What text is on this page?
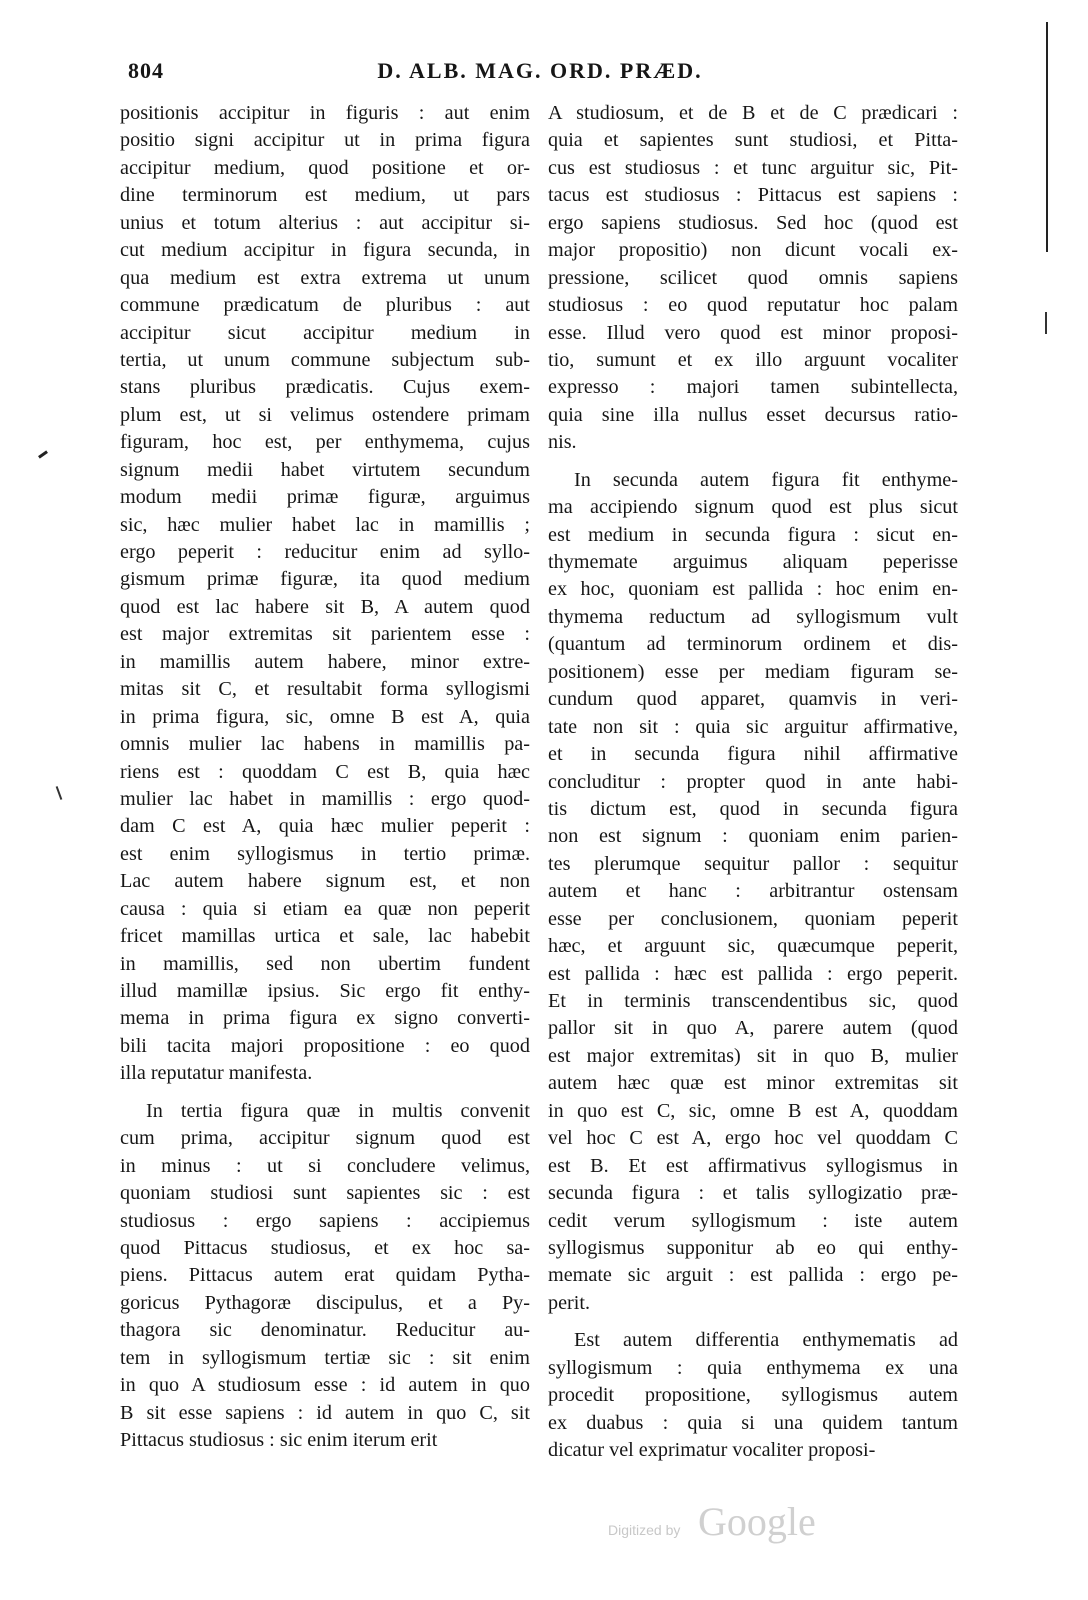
804	D. ALB. MAG. ORD. PRÆD.
positionis accipitur in figuris : aut enim
positio signi accipitur ut in prima figura
accipitur medium, quod positione et or-
dine terminorum est medium, ut pars
unius et totum alterius : aut accipitur si-
cut medium accipitur in figura secunda, in
qua medium est extra extrema ut unum
commune prædicatum de pluribus : aut
accipitur sicut accipitur medium in
tertia, ut unum commune subjectum sub-
stans pluribus prædicatis. Cujus exem-
plum est, ut si velimus ostendere primam
figuram, hoc est, per enthymema, cujus
signum medii habet virtutem secundum
modum medii primæ figuræ, arguimus
sic, hæc mulier habet lac in mamillis ;
ergo peperit : reducitur enim ad syllo-
gismum primæ figuræ, ita quod medium
quod est lac habere sit B, A autem quod
est major extremitas sit parientem esse :
in mamillis autem habere, minor extre-
mitas sit C, et resultabit forma syllogismi
in prima figura, sic, omne B est A, quia
omnis mulier lac habens in mamillis pa-
riens est : quoddam C est B, quia hæc
mulier lac habet in mamillis : ergo quod-
dam C est A, quia hæc mulier peperit :
est enim syllogismus in tertio primæ.
Lac autem habere signum est, et non
causa : quia si etiam ea quæ non peperit
fricet mamillas urtica et sale, lac habebit
in mamillis, sed non ubertim fundent
illud mamillæ ipsius. Sic ergo fit enthy-
mema in prima figura ex signo converti-
bili tacita majori propositione : eo quod
illa reputatur manifesta.
In tertia figura quæ in multis convenit
cum prima, accipitur signum quod est
in minus : ut si concludere velimus,
quoniam studiosi sunt sapientes sic : est
studiosus : ergo sapiens : accipiemus
quod Pittacus studiosus, et ex hoc sa-
piens. Pittacus autem erat quidam Pytha-
goricus Pythagoræ discipulus, et a Py-
thagora sic denominatur. Reducitur au-
tem in syllogismum tertiæ sic : sit enim
in quo A studiosum esse : id autem in quo
B sit esse sapiens : id autem in quo C, sit
Pittacus studiosus : sic enim iterum erit
A studiosum, et de B et de C prædicari :
quia et sapientes sunt studiosi, et Pitta-
cus est studiosus : et tunc arguitur sic, Pit-
tacus est studiosus : Pittacus est sapiens :
ergo sapiens studiosus. Sed hoc (quod est
major propositio) non dicunt vocali ex-
pressione, scilicet quod omnis sapiens
studiosus : eo quod reputatur hoc palam
esse. Illud vero quod est minor proposi-
tio, sumunt et ex illo arguunt vocaliter
expresso : majori tamen subintellecta,
quia sine illa nullus esset decursus ratio-
nis.
In secunda autem figura fit enthyme-
ma accipiendo signum quod est plus sicut
est medium in secunda figura : sicut en-
thymemate arguimus aliquam peperisse
ex hoc, quoniam est pallida : hoc enim en-
thymema reductum ad syllogismum vult
(quantum ad terminorum ordinem et dis-
positionem) esse per mediam figuram se-
cundum quod apparet, quamvis in veri-
tate non sit : quia sic arguitur affirmative,
et in secunda figura nihil affirmative
concluditur : propter quod in ante habi-
tis dictum est, quod in secunda figura
non est signum : quoniam enim parien-
tes plerumque sequitur pallor : sequitur
autem et hanc : arbitrantur ostensam
esse per conclusionem, quoniam peperit
hæc, et arguunt sic, quæcumque peperit,
est pallida : hæc est pallida : ergo peperit.
Et in terminis transcendentibus sic, quod
pallor sit in quo A, parere autem (quod
est major extremitas) sit in quo B, mulier
autem hæc quæ est minor extremitas sit
in quo est C, sic, omne B est A, quoddam
vel hoc C est A, ergo hoc vel quoddam C
est B. Et est affirmativus syllogismus in
secunda figura : et talis syllogizatio præ-
cedit verum syllogismum : iste autem
syllogismus supponitur ab eo qui enthy-
memate sic arguit : est pallida : ergo pe-
perit.
Est autem differentia enthymematis ad
syllogismum : quia enthymema ex una
procedit propositione, syllogismus autem
ex duabus : quia si una quidem tantum
dicatur vel exprimatur vocaliter proposi-
Digitized by Google
